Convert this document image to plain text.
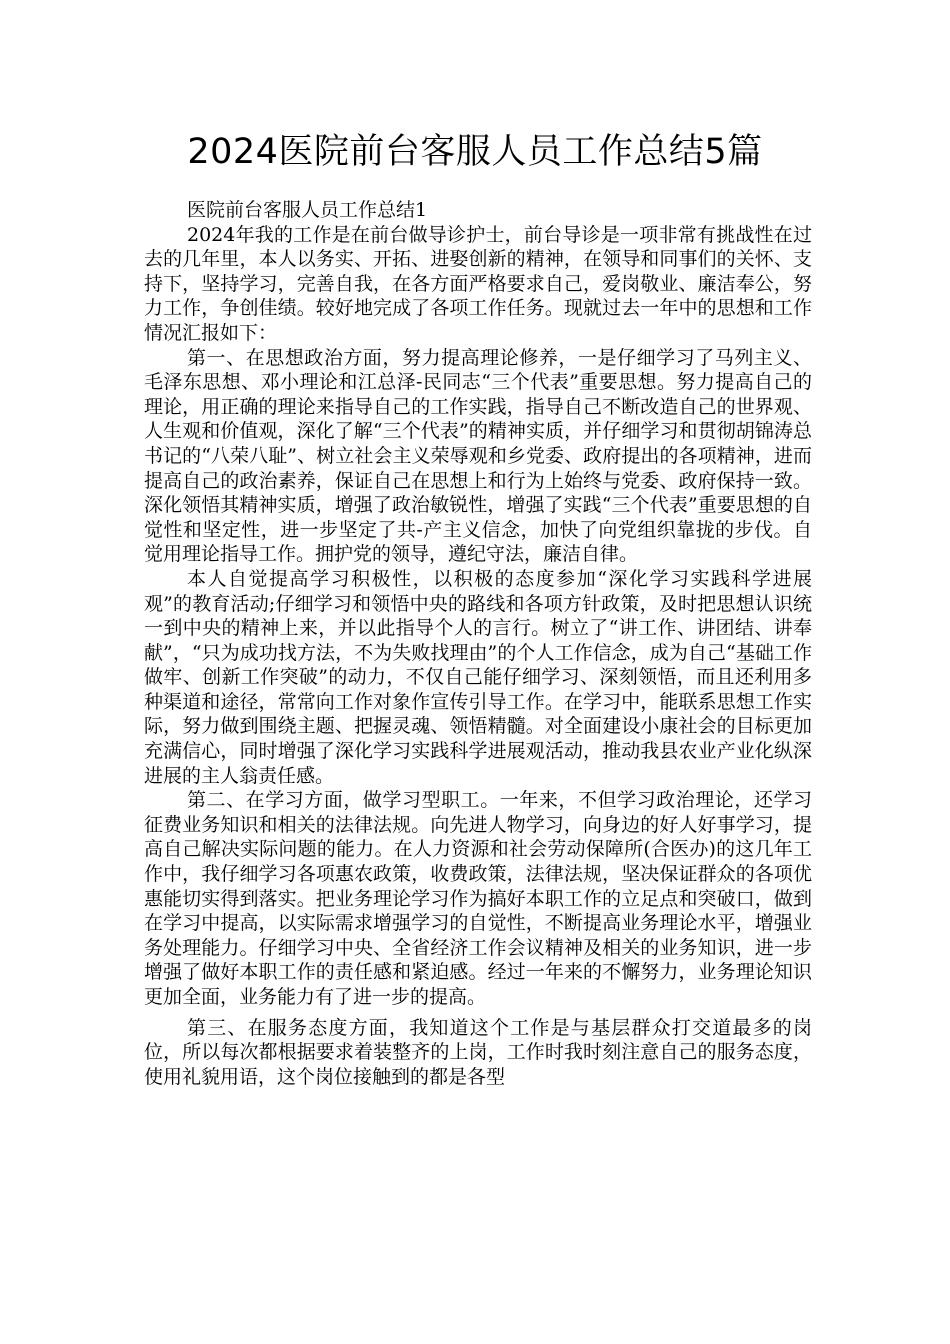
2024医院前台客服人员工作总结5篇

医院前台客服人员工作总结1

2024年我的工作是在前台做导诊护士，前台导诊是一项非常有挑战性在过去的几年里，本人以务实、开拓、进娶创新的精神，在领导和同事们的关怀、支持下，坚持学习，完善自我，在各方面严格要求自己，爱岗敬业、廉洁奉公，努力工作，争创佳绩。较好地完成了各项工作任务。现就过去一年中的思想和工作情况汇报如下：

第一、在思想政治方面，努力提高理论修养，一是仔细学习了马列主义、毛泽东思想、邓小理论和江总泽-民同志“三个代表”重要思想。努力提高自己的理论，用正确的理论来指导自己的工作实践，指导自己不断改造自己的世界观、人生观和价值观，深化了解“三个代表”的精神实质，并仔细学习和贯彻胡锦涛总书记的“八荣八耻”、树立社会主义荣辱观和乡党委、政府提出的各项精神，进而提高自己的政治素养，保证自己在思想上和行为上始终与党委、政府保持一致。深化领悟其精神实质，增强了政治敏锐性，增强了实践“三个代表”重要思想的自觉性和坚定性，进一步坚定了共-产主义信念，加快了向党组织靠拢的步伐。自觉用理论指导工作。拥护党的领导，遵纪守法，廉洁自律。

本人自觉提高学习积极性，以积极的态度参加“深化学习实践科学进展观”的教育活动;仔细学习和领悟中央的路线和各项方针政策，及时把思想认识统一到中央的精神上来，并以此指导个人的言行。树立了“讲工作、讲团结、讲奉献”，“只为成功找方法，不为失败找理由”的个人工作信念，成为自己“基础工作做牢、创新工作突破”的动力，不仅自己能仔细学习、深刻领悟，而且还利用多种渠道和途径，常常向工作对象作宣传引导工作。在学习中，能联系思想工作实际，努力做到围绕主题、把握灵魂、领悟精髓。对全面建设小康社会的目标更加充满信心，同时增强了深化学习实践科学进展观活动，推动我县农业产业化纵深进展的主人翁责任感。

第二、在学习方面，做学习型职工。一年来，不但学习政治理论，还学习征费业务知识和相关的法律法规。向先进人物学习，向身边的好人好事学习，提高自己解决实际问题的能力。在人力资源和社会劳动保障所(合医办)的这几年工作中，我仔细学习各项惠农政策，收费政策，法律法规，坚决保证群众的各项优惠能切实得到落实。把业务理论学习作为搞好本职工作的立足点和突破口，做到在学习中提高，以实际需求增强学习的自觉性，不断提高业务理论水平，增强业务处理能力。仔细学习中央、全省经济工作会议精神及相关的业务知识，进一步增强了做好本职工作的责任感和紧迫感。经过一年来的不懈努力，业务理论知识更加全面，业务能力有了进一步的提高。

第三、在服务态度方面，我知道这个工作是与基层群众打交道最多的岗位，所以每次都根据要求着装整齐的上岗，工作时我时刻注意自己的服务态度，使用礼貌用语，这个岗位接触到的都是各型
